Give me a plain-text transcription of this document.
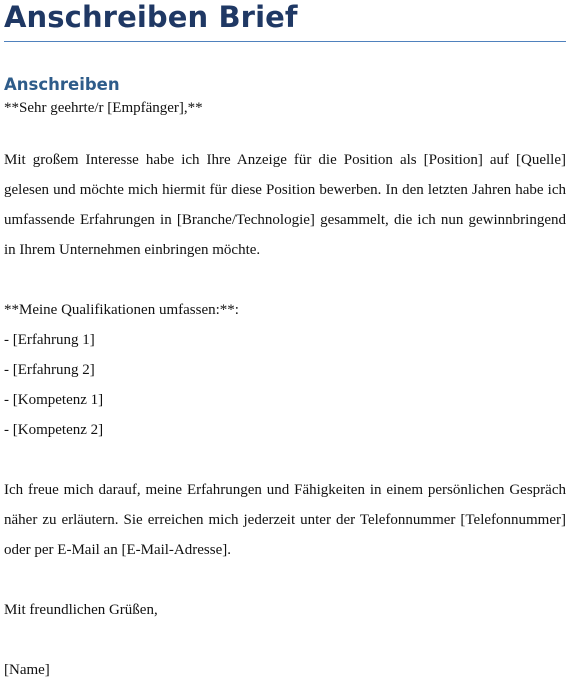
Anschreiben Brief
Anschreiben

**Sehr geehrte/r [Empfänger],**

Mit großem Interesse habe ich Ihre Anzeige für die Position als [Position] auf [Quelle] gelesen und möchte mich hiermit für diese Position bewerben. In den letzten Jahren habe ich umfassende Erfahrungen in [Branche/Technologie] gesammelt, die ich nun gewinnbringend in Ihrem Unternehmen einbringen möchte.

**Meine Qualifikationen umfassen:**:

- [Erfahrung 1]

- [Erfahrung 2]

- [Kompetenz 1]

- [Kompetenz 2]

Ich freue mich darauf, meine Erfahrungen und Fähigkeiten in einem persönlichen Gespräch näher zu erläutern. Sie erreichen mich jederzeit unter der Telefonnummer [Telefonnummer] oder per E-Mail an [E-Mail-Adresse].

Mit freundlichen Grüßen,

[Name]
